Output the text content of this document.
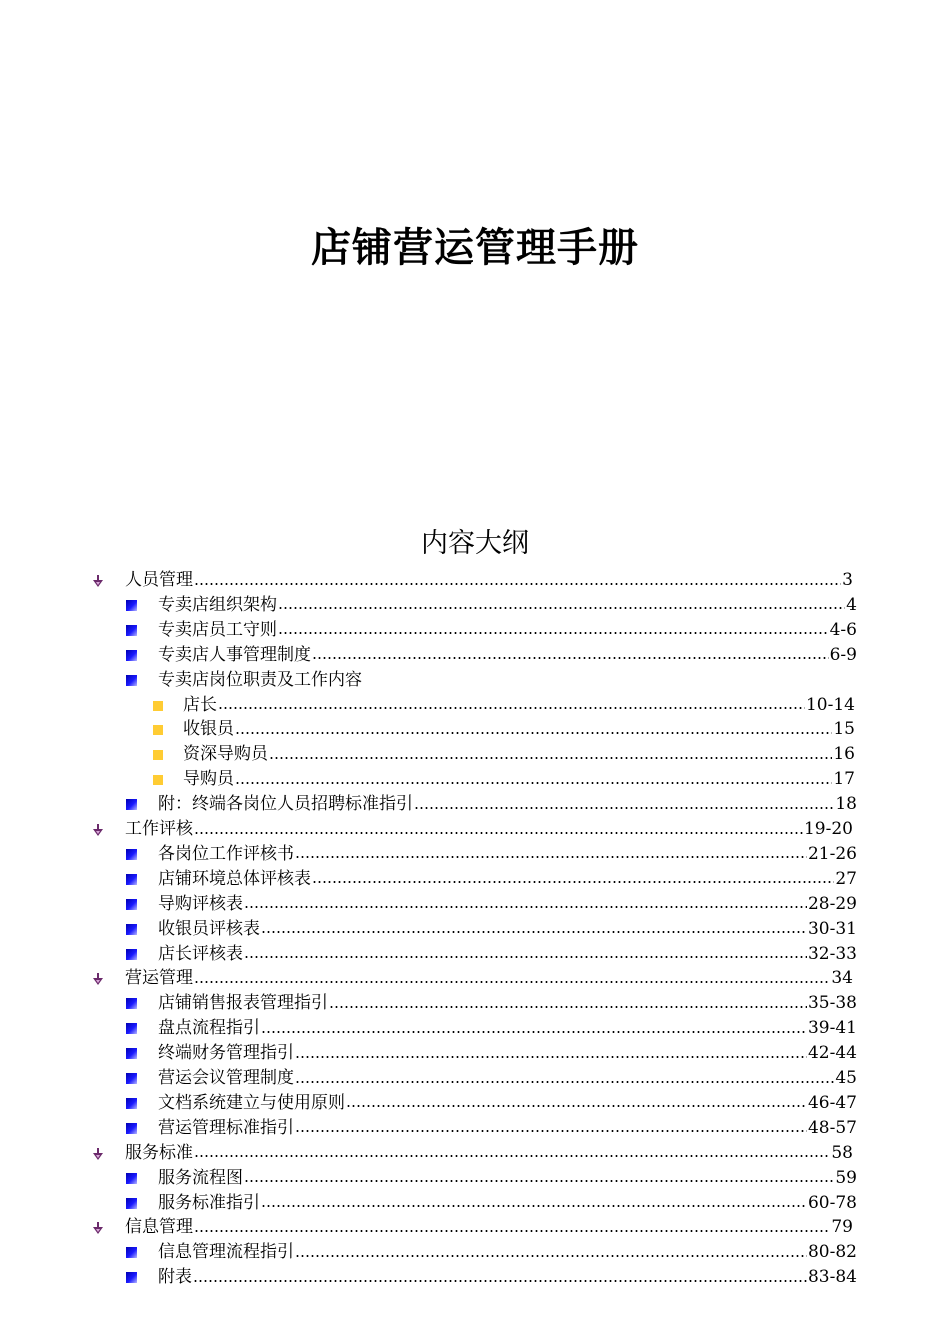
店铺营运管理手册
内容大纲
人员管理	3
专卖店组织架构	4
专卖店员工守则	4-6
专卖店人事管理制度	6-9
专卖店岗位职责及工作内容
店长	10-14
收银员	15
资深导购员	16
导购员	17
附：终端各岗位人员招聘标准指引	18
工作评核	19-20
各岗位工作评核书	21-26
店铺环境总体评核表	27
导购评核表	28-29
收银员评核表	30-31
店长评核表	32-33
营运管理	34
店铺销售报表管理指引	35-38
盘点流程指引	39-41
终端财务管理指引	42-44
营运会议管理制度	45
文档系统建立与使用原则	46-47
营运管理标准指引	48-57
服务标准	58
服务流程图	59
服务标准指引	60-78
信息管理	79
信息管理流程指引	80-82
附表	83-84
